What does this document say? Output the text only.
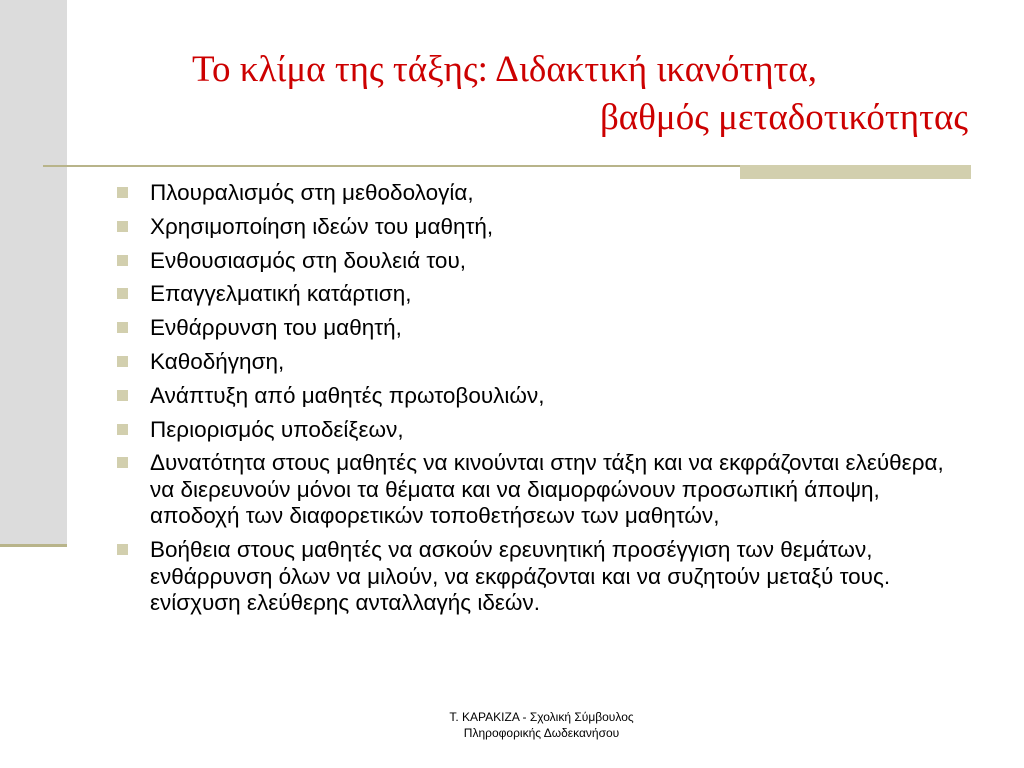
Το κλίμα της τάξης: Διδακτική ικανότητα,
βαθμός μεταδοτικότητας
Πλουραλισμός στη μεθοδολογία,
Χρησιμοποίηση ιδεών του μαθητή,
Ενθουσιασμός στη δουλειά του,
Επαγγελματική κατάρτιση,
Ενθάρρυνση του μαθητή,
Καθοδήγηση,
Ανάπτυξη από μαθητές πρωτοβουλιών,
Περιορισμός υποδείξεων,
Δυνατότητα στους μαθητές να κινούνται στην τάξη και να εκφράζονται ελεύθερα, να διερευνούν μόνοι τα θέματα και να διαμορφώνουν προσωπική άποψη, αποδοχή των διαφορετικών τοποθετήσεων των μαθητών,
Βοήθεια στους μαθητές να ασκούν ερευνητική προσέγγιση των θεμάτων, ενθάρρυνση όλων να μιλούν, να εκφράζονται και να συζητούν μεταξύ τους. ενίσχυση ελεύθερης ανταλλαγής ιδεών.
Τ. ΚΑΡΑΚΙΖΑ - Σχολική Σύμβουλος
Πληροφορικής Δωδεκανήσου
